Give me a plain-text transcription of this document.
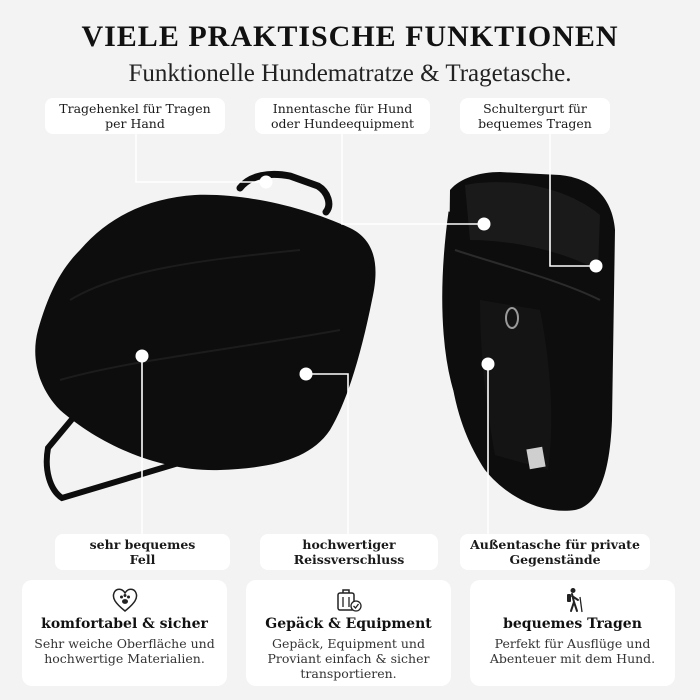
VIELE PRAKTISCHE FUNKTIONEN
Funktionelle Hundematratze & Tragetasche.
Tragehenkel für Tragen
per Hand
Innentasche für Hund
oder Hundeequipment
Schultergurt für
bequemes Tragen
sehr bequemes
Fell
hochwertiger
Reissverschluss
Außentasche für private
Gegenstände
komfortabel & sicher
Sehr weiche Oberfläche und
hochwertige Materialien.
Gepäck & Equipment
Gepäck, Equipment und
Proviant einfach & sicher
transportieren.
bequemes Tragen
Perfekt für Ausflüge und
Abenteuer mit dem Hund.
